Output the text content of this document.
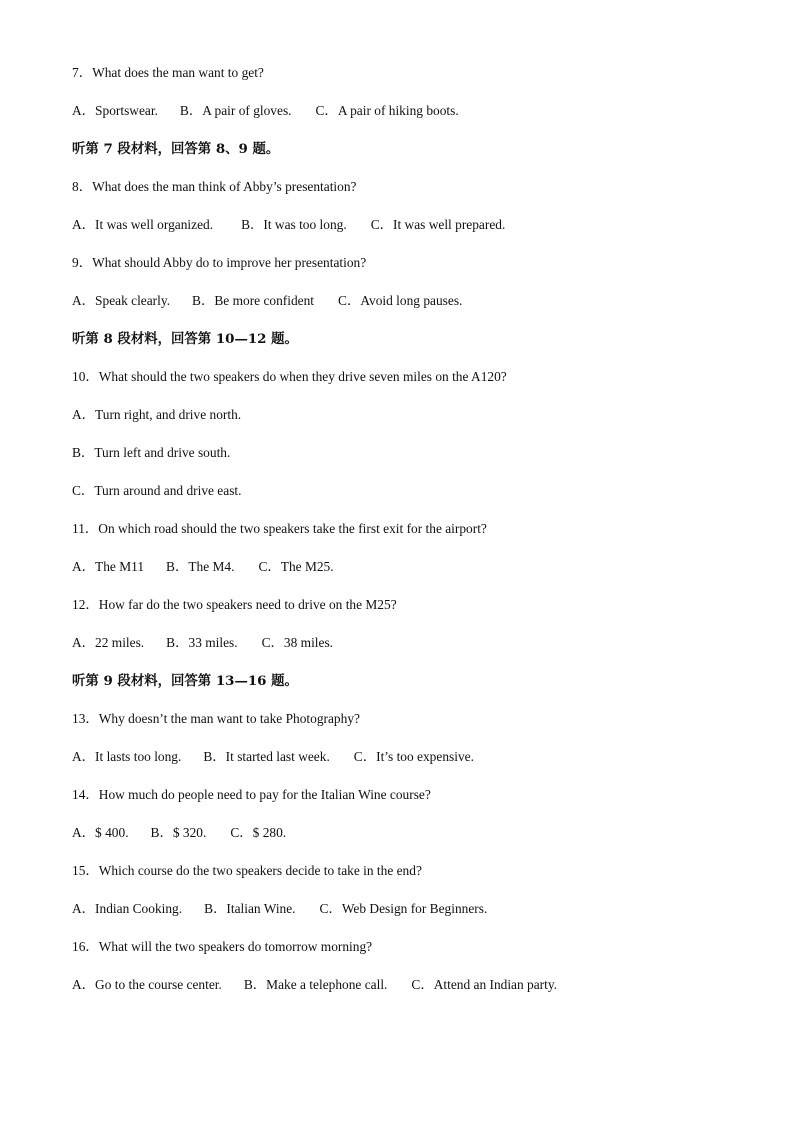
7．What does the man want to get?
A．Sportswear. B．A pair of gloves. C．A pair of hiking boots.
听第 7 段材料，回答第 8、9 题。
8．What does the man think of Abby’s presentation?
A．It was well organized. B．It was too long. C．It was well prepared.
9．What should Abby do to improve her presentation?
A．Speak clearly. B．Be more confident C．Avoid long pauses.
听第 8 段材料，回答第 10—12 题。
10．What should the two speakers do when they drive seven miles on the A120?
A．Turn right, and drive north.
B．Turn left and drive south.
C．Turn around and drive east.
11．On which road should the two speakers take the first exit for the airport?
A．The M11 B．The M4. C．The M25.
12．How far do the two speakers need to drive on the M25?
A．22 miles. B．33 miles. C．38 miles.
听第 9 段材料，回答第 13—16 题。
13．Why doesn’t the man want to take Photography?
A．It lasts too long. B．It started last week. C．It’s too expensive.
14．How much do people need to pay for the Italian Wine course?
A．$ 400. B．$ 320. C．$ 280.
15．Which course do the two speakers decide to take in the end?
A．Indian Cooking. B．Italian Wine. C．Web Design for Beginners.
16．What will the two speakers do tomorrow morning?
A．Go to the course center. B．Make a telephone call. C．Attend an Indian party.
